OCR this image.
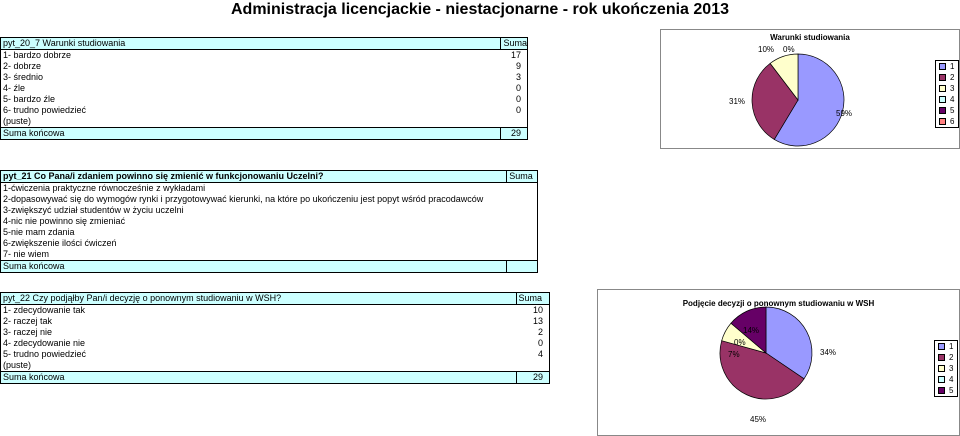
Administracja licencjackie - niestacjonarne - rok ukończenia 2013
pyt_20_7 Warunki studiowania	Suma
1- bardzo dobrze	17
2- dobrze	9
3- średnio	3
4- źle	0
5- bardzo źle	0
6- trudno powiedzieć	0
(puste)	
Suma końcowa	29
Warunki studiowania
59%
31%
10% 0%
1
2
3
4
5
6
pyt_21 Co Pana/i zdaniem powinno się zmienić w funkcjonowaniu Uczelni?	Suma
1-ćwiczenia praktyczne równocześnie z wykładami	
2-dopasowywać się do wymogów rynki i przygotowywać kierunki, na które po ukończeniu jest popyt wśród pracodawców	
3-zwiększyć udział studentów w życiu uczelni	
4-nic nie powinno się zmieniać	
5-nie mam zdania	
6-zwiększenie ilości ćwiczeń	
7- nie wiem	
Suma końcowa	
pyt_22 Czy podjąłby Pan/i decyzję o ponownym studiowaniu w WSH?	Suma
1- zdecydowanie tak	10
2- raczej tak	13
3- raczej nie	2
4- zdecydowanie nie	0
5- trudno powiedzieć	4
(puste)	
Suma końcowa	29
Podjęcie decyzji o ponownym studiowaniu w WSH
34%
45%
7%
0%
14%
1
2
3
4
5
